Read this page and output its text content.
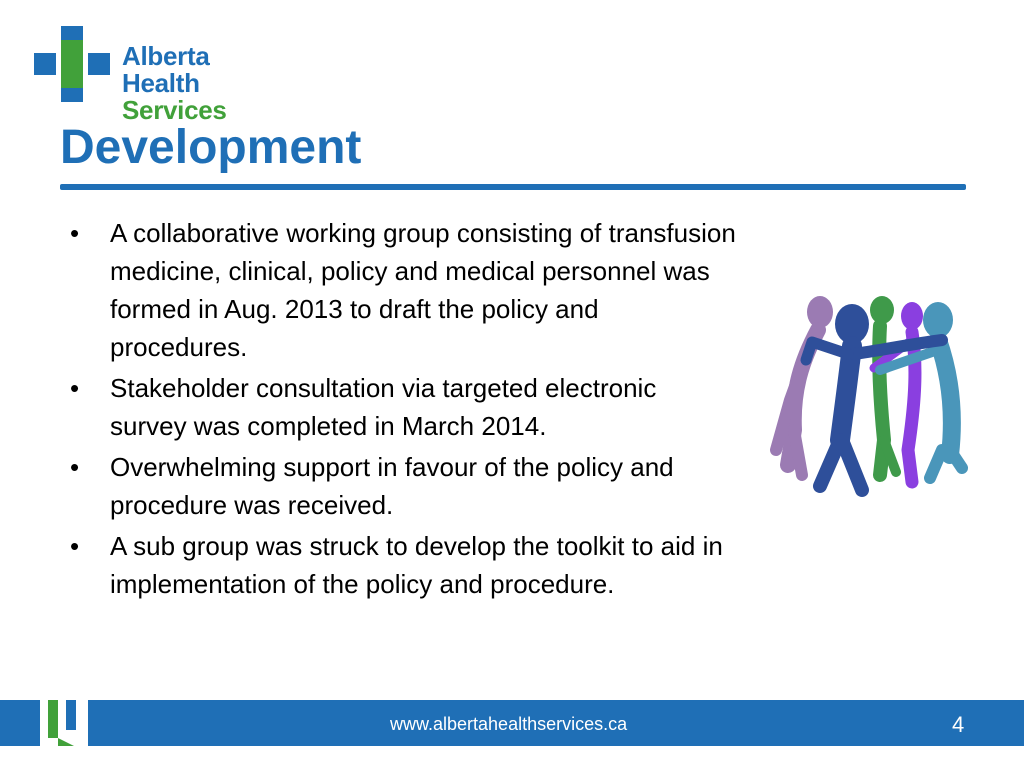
Alberta Health
Services
Development
•	A collaborative working group consisting of transfusion medicine, clinical, policy and medical personnel was formed in Aug. 2013 to draft the policy and procedures.
•	Stakeholder consultation via targeted electronic survey was completed in March 2014.
•	Overwhelming support in favour of the policy and procedure was received.
•	A sub group was struck to develop the toolkit to aid in implementation of the policy and procedure.
www.albertahealthservices.ca	4
